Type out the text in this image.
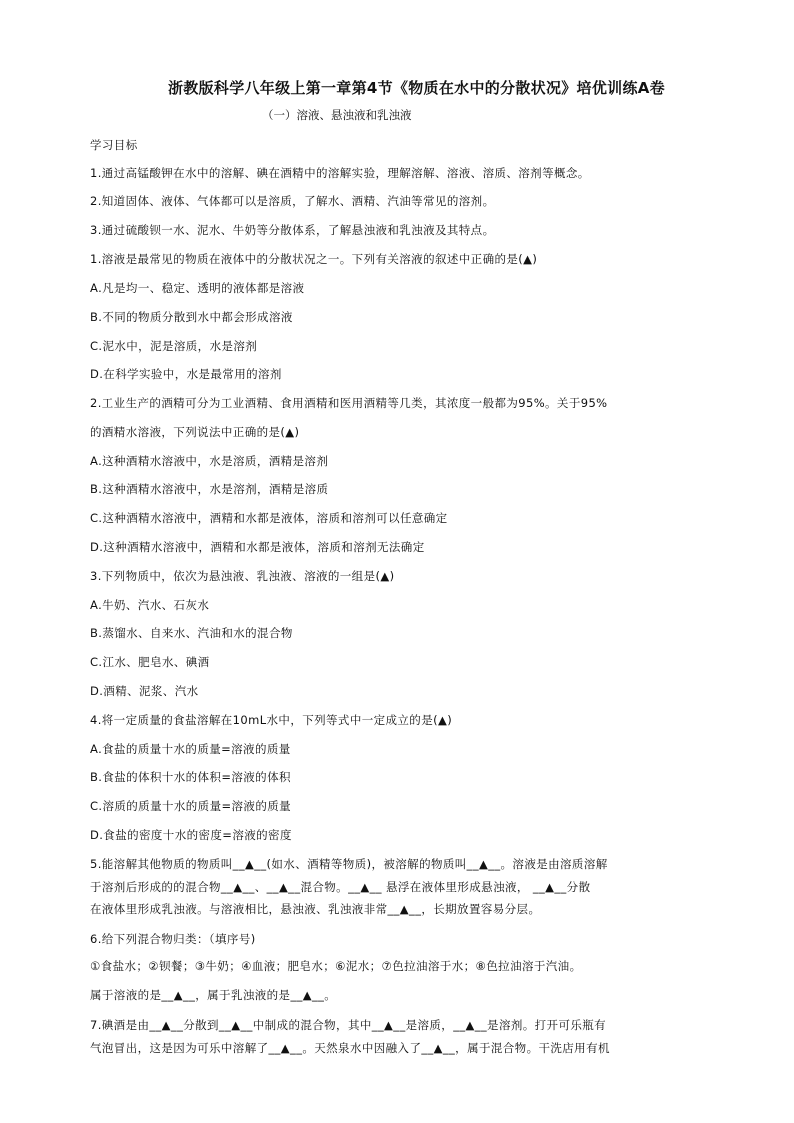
浙教版科学八年级上第一章第4节《物质在水中的分散状况》培优训练A卷
（一）溶液、悬浊液和乳浊液
学习目标
1.通过高锰酸钾在水中的溶解、碘在酒精中的溶解实验，理解溶解、溶液、溶质、溶剂等概念。
2.知道固体、液体、气体都可以是溶质，了解水、酒精、汽油等常见的溶剂。
3.通过硫酸钡一水、泥水、牛奶等分散体系，了解悬浊液和乳浊液及其特点。
1.溶液是最常见的物质在液体中的分散状况之一。下列有关溶液的叙述中正确的是(▲)
A.凡是均一、稳定、透明的液体都是溶液
B.不同的物质分散到水中都会形成溶液
C.泥水中，泥是溶质，水是溶剂
D.在科学实验中，水是最常用的溶剂
2.工业生产的酒精可分为工业酒精、食用酒精和医用酒精等几类，其浓度一般都为95%。关于95%
的酒精水溶液，下列说法中正确的是(▲)
A.这种酒精水溶液中，水是溶质，酒精是溶剂
B.这种酒精水溶液中，水是溶剂，酒精是溶质
C.这种酒精水溶液中，酒精和水都是液体，溶质和溶剂可以任意确定
D.这种酒精水溶液中，酒精和水都是液体，溶质和溶剂无法确定
3.下列物质中，依次为悬浊液、乳浊液、溶液的一组是(▲)
A.牛奶、汽水、石灰水
B.蒸馏水、自来水、汽油和水的混合物
C.江水、肥皂水、碘酒
D.酒精、泥浆、汽水
4.将一定质量的食盐溶解在10mL水中，下列等式中一定成立的是(▲)
A.食盐的质量十水的质量=溶液的质量
B.食盐的体积十水的体积=溶液的体积
C.溶质的质量十水的质量=溶液的质量
D.食盐的密度十水的密度=溶液的密度
5.能溶解其他物质的物质叫__▲__(如水、酒精等物质)，被溶解的物质叫__▲__。溶液是由溶质溶解
于溶剂后形成的的混合物__▲__、__▲__混合物。__▲__ 悬浮在液体里形成悬浊液， __▲__分散
在液体里形成乳浊液。与溶液相比，悬浊液、乳浊液非常__▲__，长期放置容易分层。
6.给下列混合物归类：（填序号)
①食盐水；②钡餐；③牛奶；④血液；肥皂水；⑥泥水；⑦色拉油溶于水；⑧色拉油溶于汽油。
属于溶液的是__▲__，属于乳浊液的是__▲__。
7.碘酒是由__▲__分散到__▲__中制成的混合物，其中__▲__是溶质，__▲__是溶剂。打开可乐瓶有
气泡冒出，这是因为可乐中溶解了__▲__。天然泉水中因融入了__▲__，属于混合物。干洗店用有机
